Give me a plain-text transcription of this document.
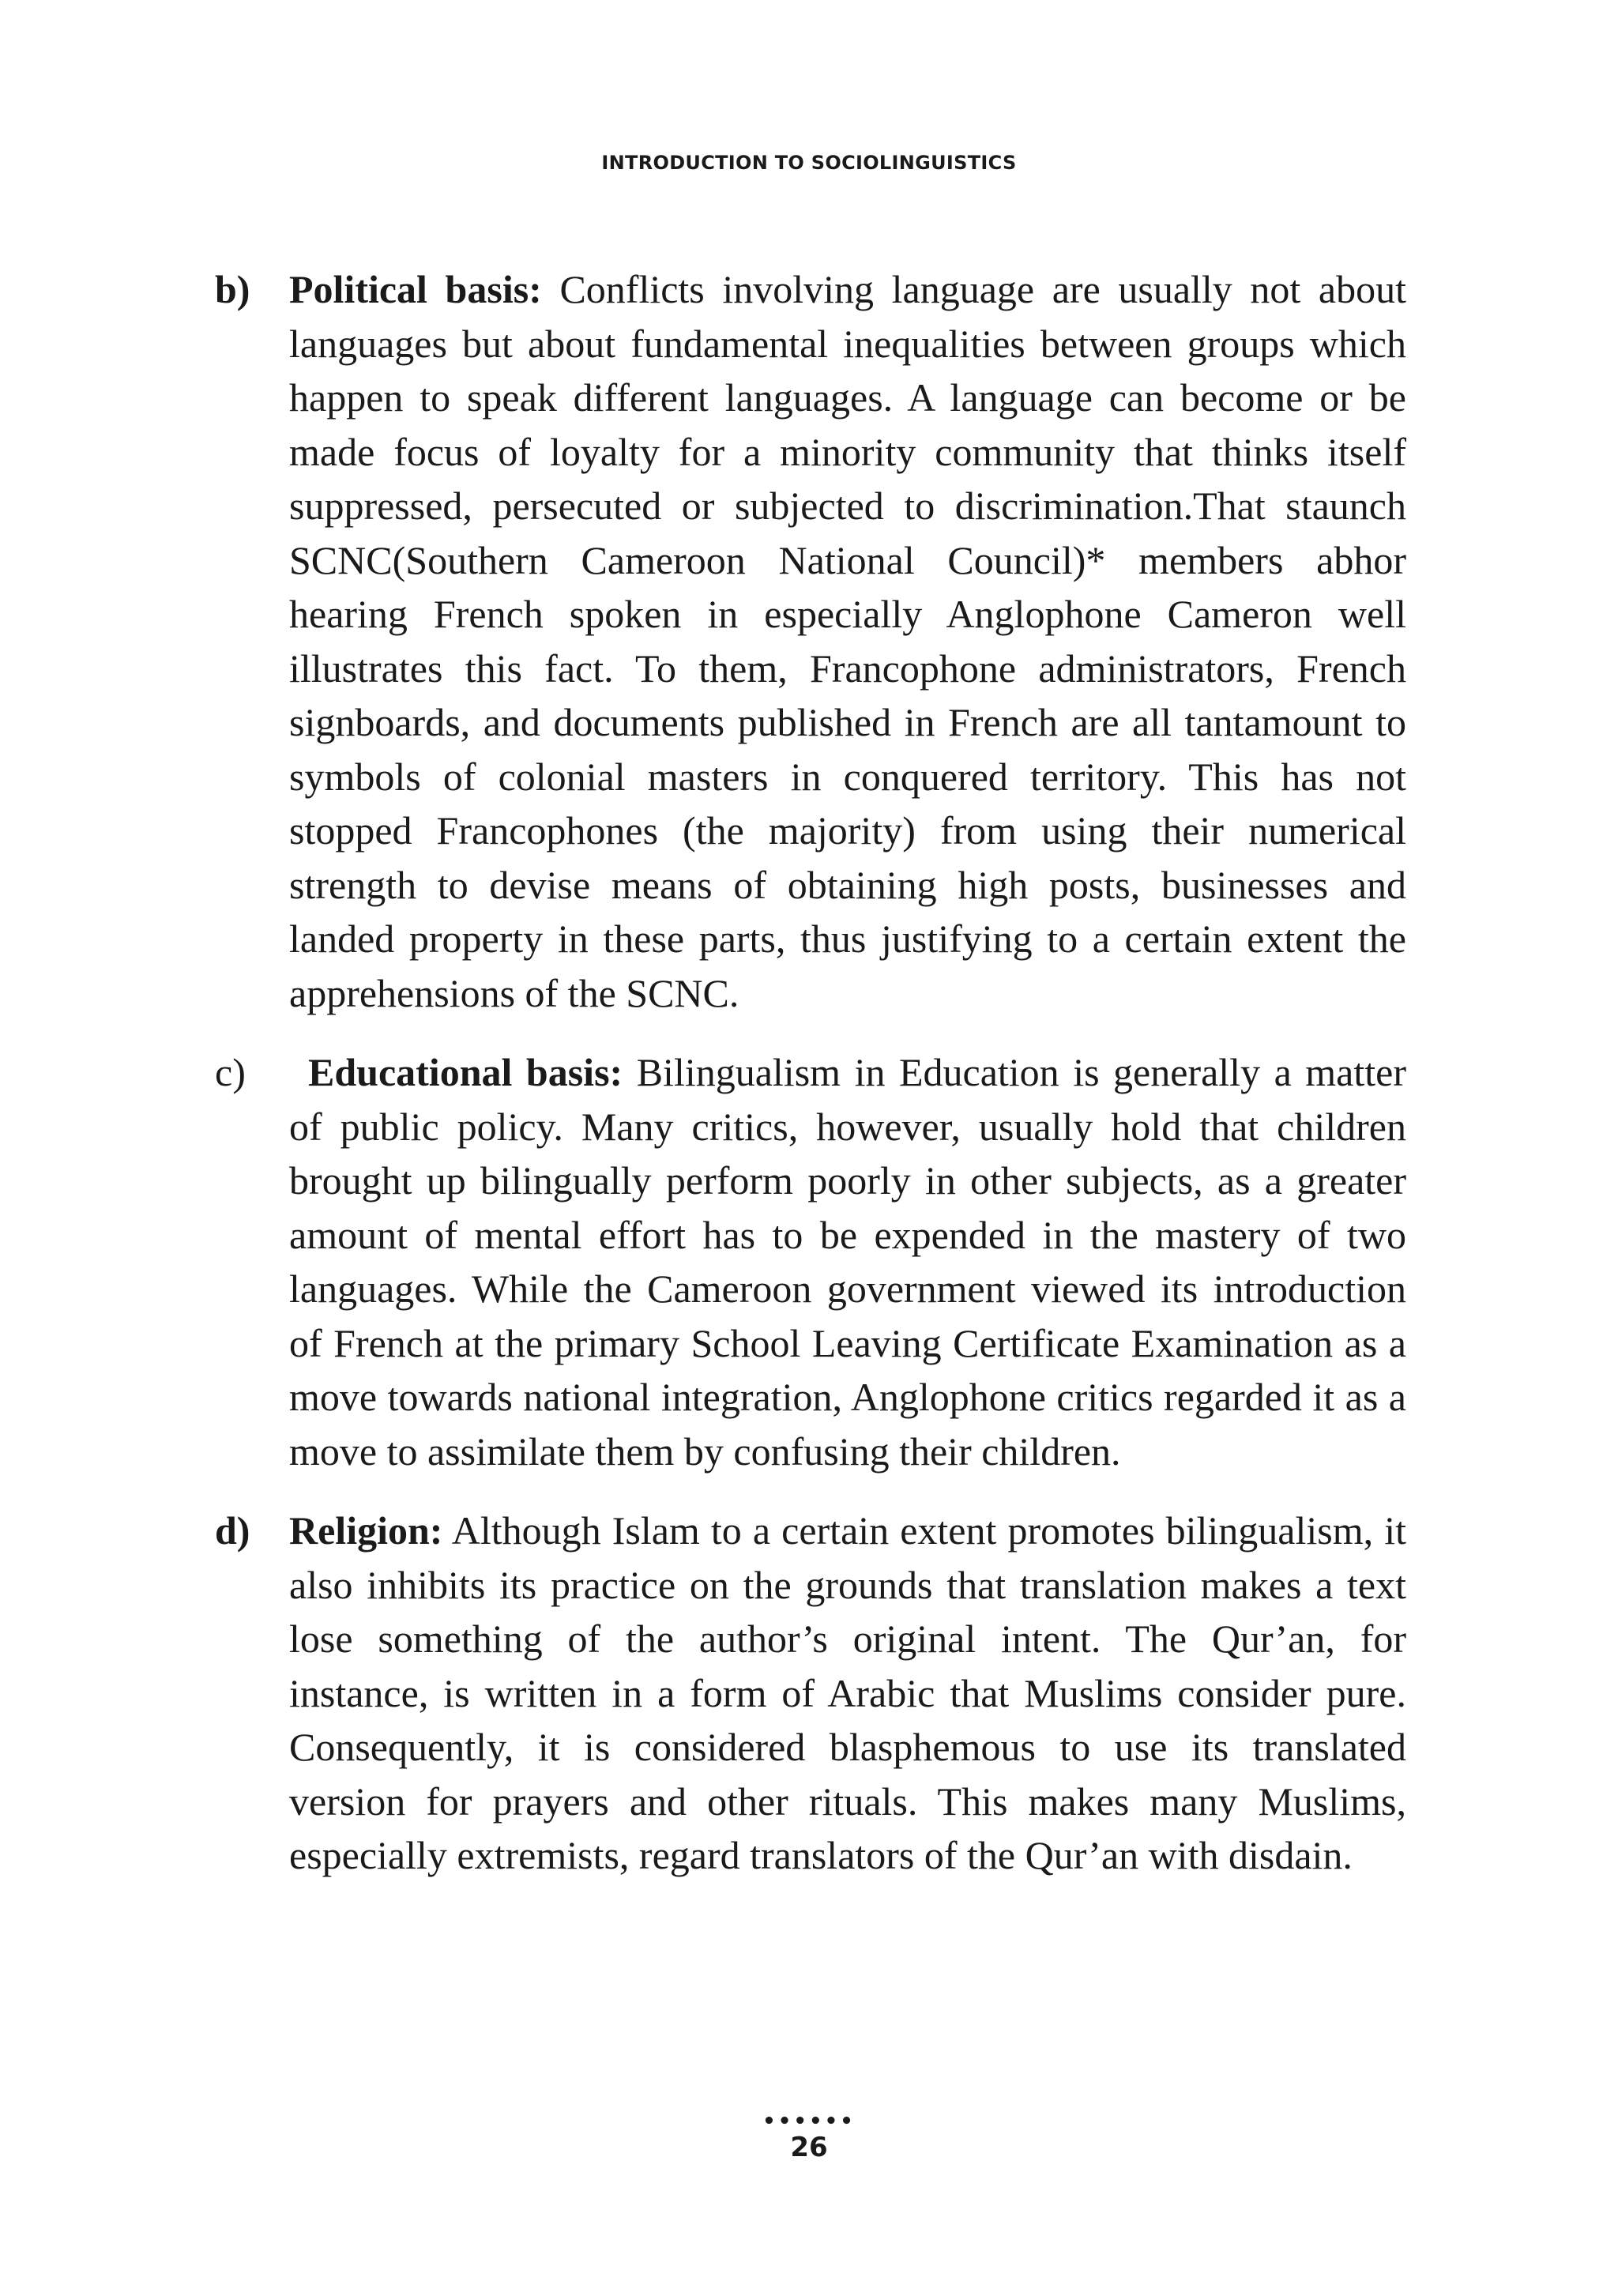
INTRODUCTION TO SOCIOLINGUISTICS
b) Political basis: Conflicts involving language are usually not about languages but about fundamental inequalities between groups which happen to speak different languages. A language can become or be made focus of loyalty for a minority community that thinks itself suppressed, persecuted or subjected to discrimination.That staunch SCNC(Southern Cameroon National Council)* members abhor hearing French spoken in especially Anglophone Cameron well illustrates this fact. To them, Francophone administrators, French signboards, and documents published in French are all tantamount to symbols of colonial masters in conquered territory. This has not stopped Francophones (the majority) from using their numerical strength to devise means of obtaining high posts, businesses and landed property in these parts, thus justifying to a certain extent the apprehensions of the SCNC.
c)	Educational basis: Bilingualism in Education is generally a matter of public policy. Many critics, however, usually hold that children brought up bilingually perform poorly in other subjects, as a greater amount of mental effort has to be expended in the mastery of two languages. While the Cameroon government viewed its introduction of French at the primary School Leaving Certificate Examination as a move towards national integration, Anglophone critics regarded it as a move to assimilate them by confusing their children.
d) Religion: Although Islam to a certain extent promotes bilingualism, it also inhibits its practice on the grounds that translation makes a text lose something of the author’s original intent. The Qur’an, for instance, is written in a form of Arabic that Muslims consider pure. Consequently, it is considered blasphemous to use its translated version for prayers and other rituals. This makes many Muslims, especially extremists, regard translators of the Qur’an with disdain.
••••••
26
